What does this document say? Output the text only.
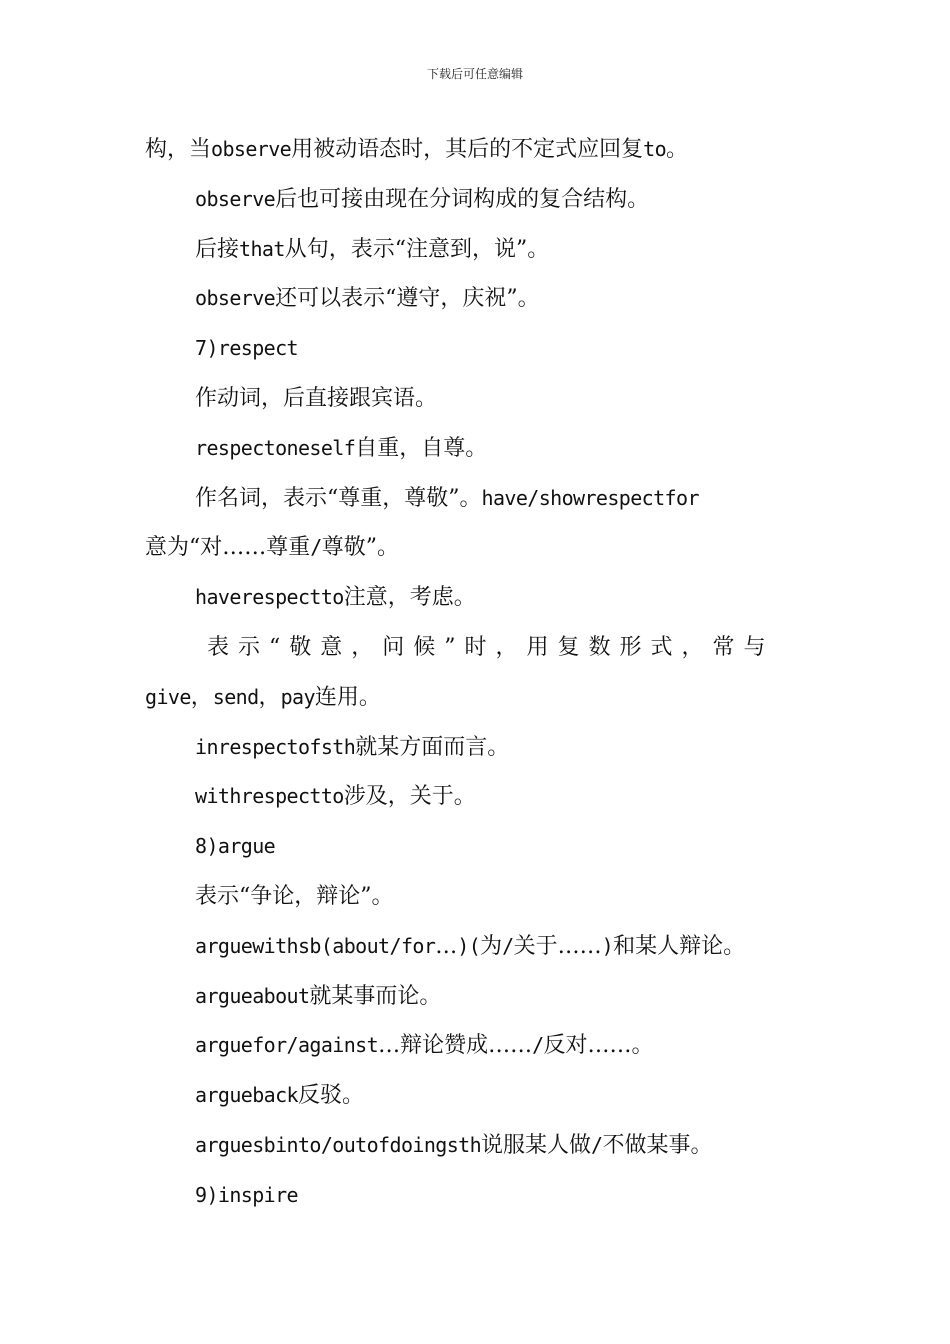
下载后可任意编辑
构，当observe用被动语态时，其后的不定式应回复to。
observe后也可接由现在分词构成的复合结构。
后接that从句，表示“注意到，说”。
observe还可以表示“遵守，庆祝”。
7)respect
作动词，后直接跟宾语。
respectoneself自重，自尊。
作名词，表示“尊重，尊敬”。have/showrespectfor
意为“对……尊重/尊敬”。
haverespectto注意，考虑。
表示“敬意，问候”时，用复数形式，常与
give，send，pay连用。
inrespectofsth就某方面而言。
withrespectto涉及，关于。
8)argue
表示“争论，辩论”。
arguewithsb(about/for…)(为/关于……)和某人辩论。
argueabout就某事而论。
arguefor/against…辩论赞成……/反对……。
argueback反驳。
arguesbinto/outofdoingsth说服某人做/不做某事。
9)inspire
